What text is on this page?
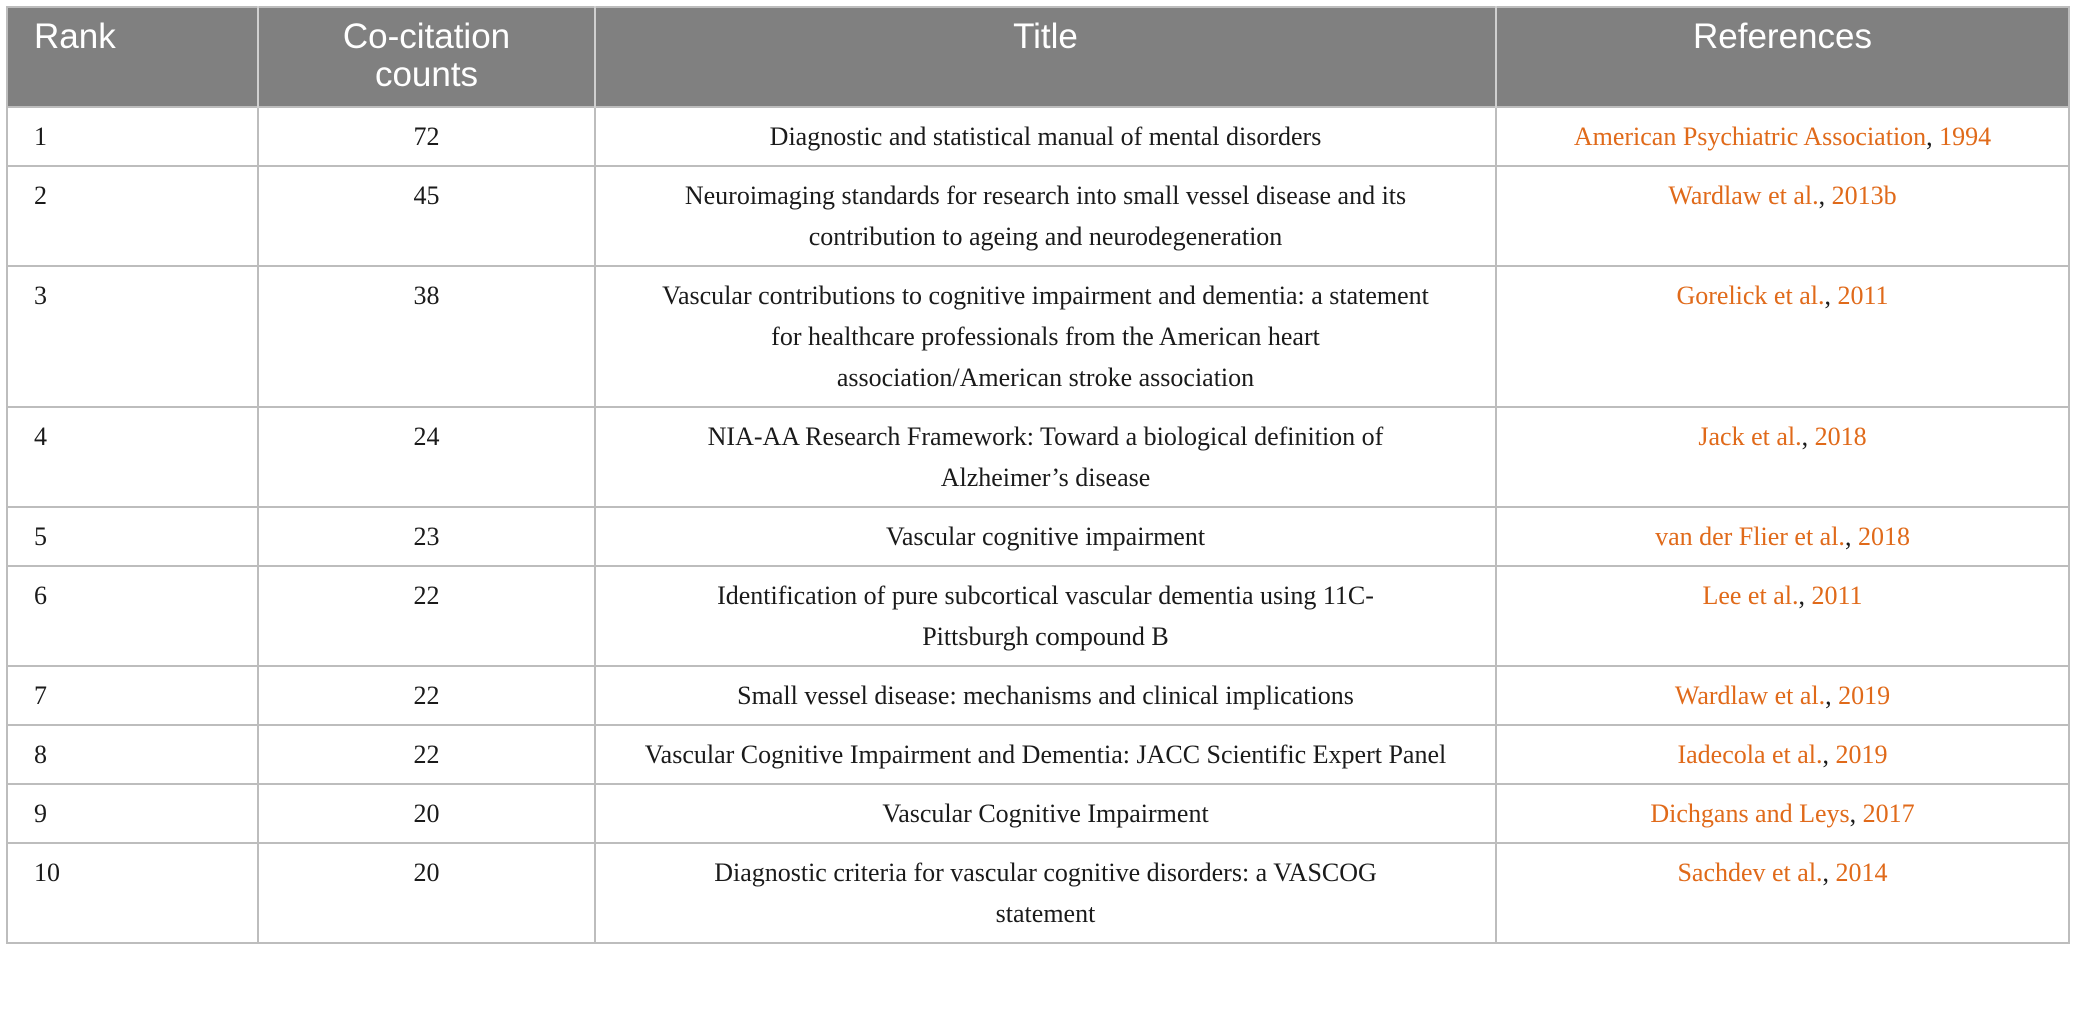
Rank	Co-citation counts	Title	References
1	72	Diagnostic and statistical manual of mental disorders	American Psychiatric Association, 1994
2	45	Neuroimaging standards for research into small vessel disease and its contribution to ageing and neurodegeneration	Wardlaw et al., 2013b
3	38	Vascular contributions to cognitive impairment and dementia: a statement for healthcare professionals from the American heart association/American stroke association	Gorelick et al., 2011
4	24	NIA-AA Research Framework: Toward a biological definition of Alzheimer’s disease	Jack et al., 2018
5	23	Vascular cognitive impairment	van der Flier et al., 2018
6	22	Identification of pure subcortical vascular dementia using 11C-Pittsburgh compound B	Lee et al., 2011
7	22	Small vessel disease: mechanisms and clinical implications	Wardlaw et al., 2019
8	22	Vascular Cognitive Impairment and Dementia: JACC Scientific Expert Panel	Iadecola et al., 2019
9	20	Vascular Cognitive Impairment	Dichgans and Leys, 2017
10	20	Diagnostic criteria for vascular cognitive disorders: a VASCOG statement	Sachdev et al., 2014
